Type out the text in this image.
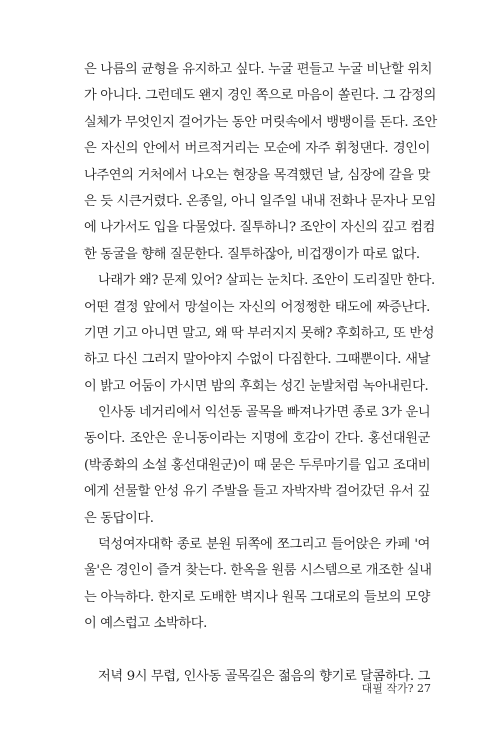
은 나름의 균형을 유지하고 싶다. 누굴 편들고 누굴 비난할 위치
가 아니다. 그런데도 왠지 경인 쪽으로 마음이 쏠린다. 그 감정의
실체가 무엇인지 걸어가는 동안 머릿속에서 뱅뱅이를 돈다. 조안
은 자신의 안에서 버르적거리는 모순에 자주 휘청댄다. 경인이
나주연의 거처에서 나오는 현장을 목격했던 날, 심장에 갈을 맞
은 듯 시큰거렸다. 온종일, 아니 일주일 내내 전화나 문자나 모임
에 나가서도 입을 다물었다. 질투하니? 조안이 자신의 깊고 컴컴
한 동굴을 향해 질문한다. 질투하잖아, 비겁쟁이가 따로 없다.
나래가 왜? 문제 있어? 살피는 눈치다. 조안이 도리질만 한다.
어떤 결정 앞에서 망설이는 자신의 어정쩡한 태도에 짜증난다.
기면 기고 아니면 말고, 왜 딱 부러지지 못해? 후회하고, 또 반성
하고 다신 그러지 말아야지 수없이 다짐한다. 그때뿐이다. 새날
이 밝고 어둠이 가시면 밤의 후회는 성긴 눈발처럼 녹아내린다.
인사동 네거리에서 익선동 골목을 빠져나가면 종로 3가 운니
동이다. 조안은 운니동이라는 지명에 호감이 간다. 홍선대원군
(박종화의 소설 홍선대원군)이 때 묻은 두루마기를 입고 조대비
에게 선물할 안성 유기 주발을 들고 자박자박 걸어갔던 유서 깊
은 동답이다.
덕성여자대학 종로 분원 뒤쪽에 쪼그리고 들어앉은 카페 '여
울'은 경인이 즐겨 찾는다. 한옥을 원룸 시스템으로 개조한 실내
는 아늑하다. 한지로 도배한 벽지나 원목 그대로의 들보의 모양
이 예스럽고 소박하다.
저녁 9시 무렵, 인사동 골목길은 젊음의 향기로 달콤하다. 그
대필 작가? 27
